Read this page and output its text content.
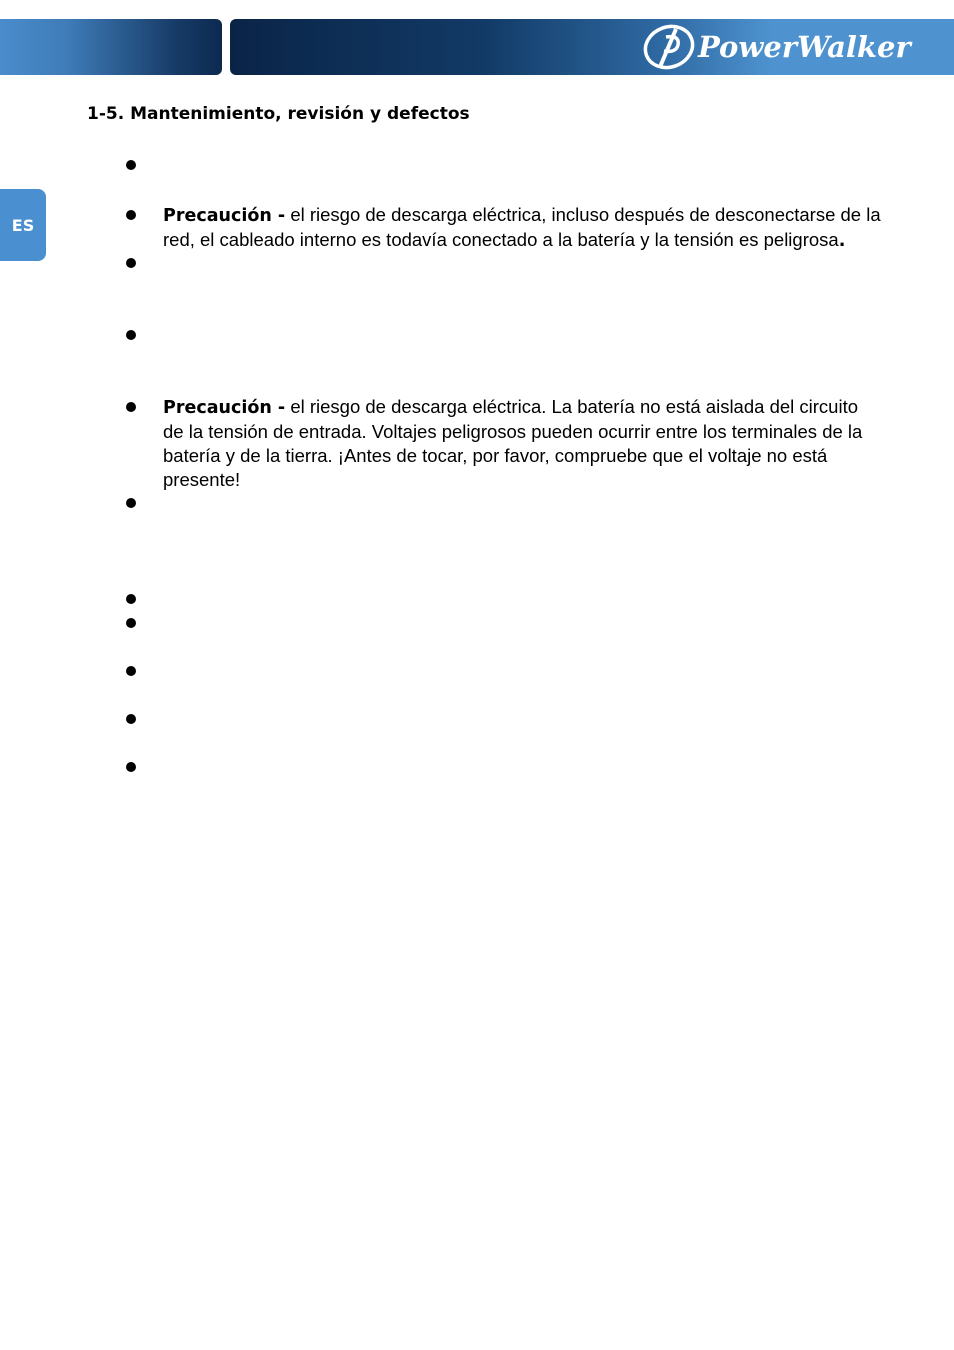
PowerWalker
ES
1-5. Mantenimiento, revisión y defectos
Precaución - el riesgo de descarga eléctrica, incluso después de desconectarse de la red, el cableado interno es todavía conectado a la batería y la tensión es peligrosa.
Precaución - el riesgo de descarga eléctrica. La batería no está aislada del circuito de la tensión de entrada. Voltajes peligrosos pueden ocurrir entre los terminales de la batería y de la tierra. ¡Antes de tocar, por favor, compruebe que el voltaje no está presente!
